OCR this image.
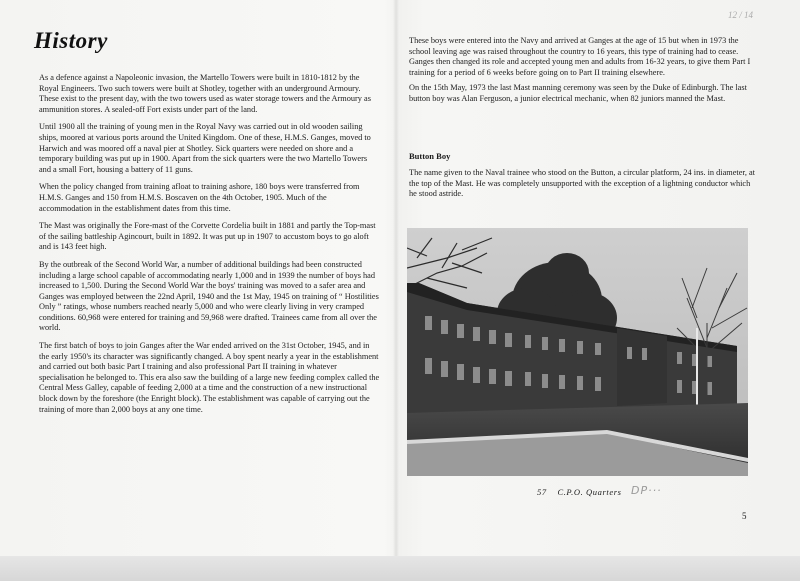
History
12 / 14

As a defence against a Napoleonic invasion, the Martello Towers were built in 1810-1812 by the Royal Engineers. Two such towers were built at Shotley, together with an underground Armoury. These exist to the present day, with the two towers used as water storage towers and the Armoury as ammunition stores. A sealed-off Fort exists under part of the land.

Until 1900 all the training of young men in the Royal Navy was carried out in old wooden sailing ships, moored at various ports around the United Kingdom. One of these, H.M.S. Ganges, moved to Harwich and was moored off a naval pier at Shotley. Sick quarters were needed on shore and a temporary building was put up in 1900. Apart from the sick quarters were the two Martello Towers and a small Fort, housing a battery of 11 guns.

When the policy changed from training afloat to training ashore, 180 boys were transferred from H.M.S. Ganges and 150 from H.M.S. Boscaven on the 4th October, 1905. Much of the accommodation in the establishment dates from this time.

The Mast was originally the Fore-mast of the Corvette Cordelia built in 1881 and partly the Top-mast of the sailing battleship Agincourt, built in 1892. It was put up in 1907 to accustom boys to go aloft and is 143 feet high.

By the outbreak of the Second World War, a number of additional buildings had been constructed including a large school capable of accommodating nearly 1,000 and in 1939 the number of boys had increased to 1,500. During the Second World War the boys' training was moved to a safer area and Ganges was employed between the 22nd April, 1940 and the 1st May, 1945 on training of “ Hostilities Only ” ratings, whose numbers reached nearly 5,000 and who were clearly living in very cramped conditions. 60,968 were entered for training and 59,968 were drafted. Trainees came from all over the world.

The first batch of boys to join Ganges after the War ended arrived on the 31st October, 1945, and in the early 1950's its character was significantly changed. A boy spent nearly a year in the establishment and carried out both basic Part I training and also professional Part II training in whatever specialisation he belonged to. This era also saw the building of a large new feeding complex called the Central Mess Galley, capable of feeding 2,000 at a time and the construction of a new instructional block down by the foreshore (the Enright block). The establishment was capable of carrying out the training of more than 2,000 boys at any one time.

These boys were entered into the Navy and arrived at Ganges at the age of 15 but when in 1973 the school leaving age was raised throughout the country to 16 years, this type of training had to cease. Ganges then changed its role and accepted young men and adults from 16-32 years, to give them Part I training for a period of 6 weeks before going on to Part II training elsewhere.

On the 15th May, 1973 the last Mast manning ceremony was seen by the Duke of Edinburgh. The last button boy was Alan Ferguson, a junior electrical mechanic, when 82 juniors manned the Mast.

Button Boy

The name given to the Naval trainee who stood on the Button, a circular platform, 24 ins. in diameter, at the top of the Mast. He was completely unsupported with the exception of a lightning conductor which he stood astride.

57 C.P.O. Quarters DP···
5
